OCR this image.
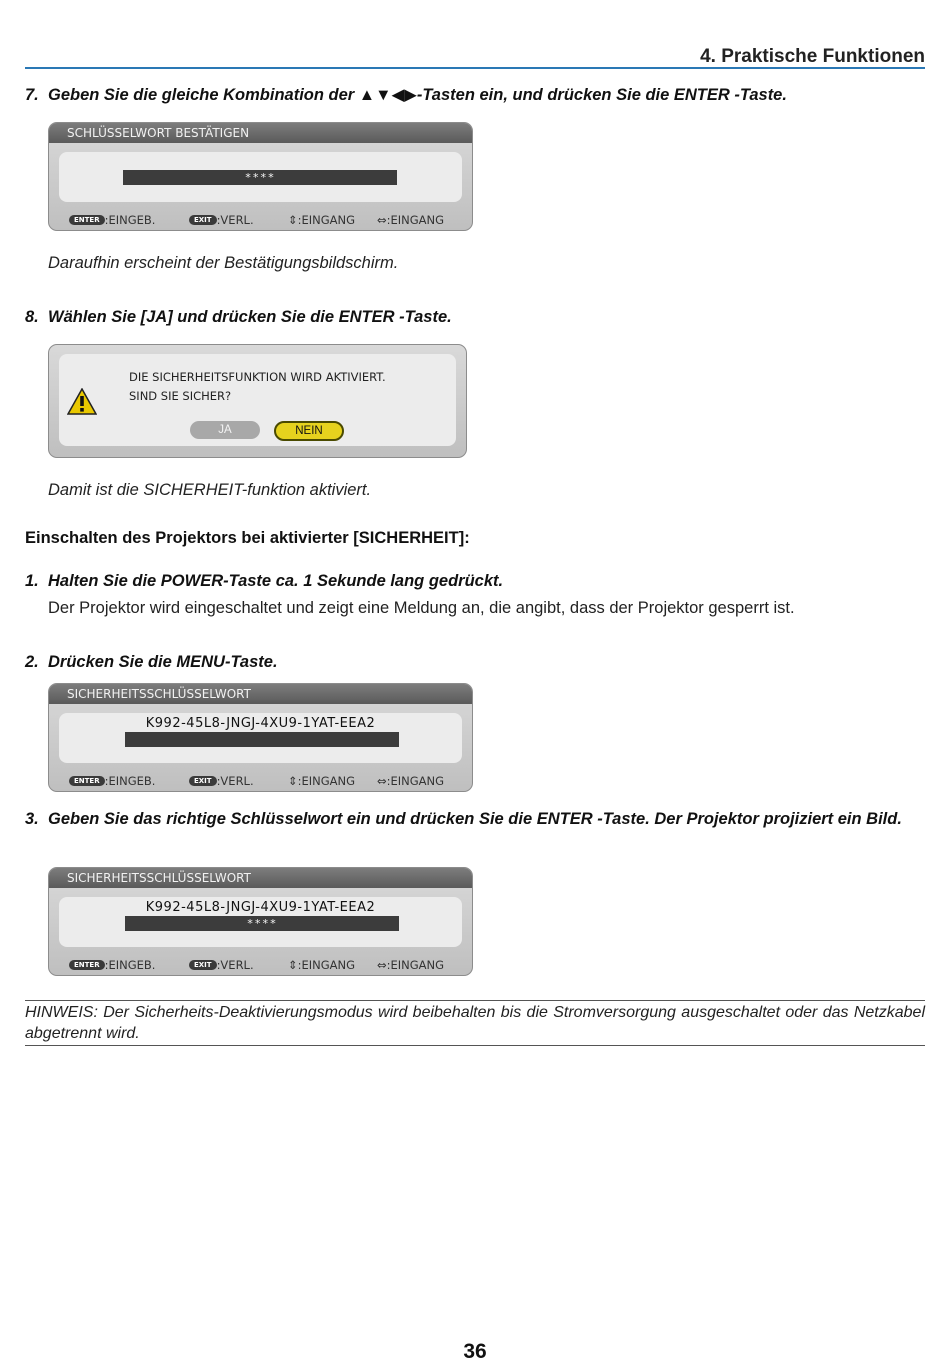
4. Praktische Funktionen
7. Geben Sie die gleiche Kombination der ▲▼◀▶-Tasten ein, und drücken Sie die ENTER -Taste.
SCHLÜSSELWORT BESTÄTIGEN
****
ENTER :EINGEB.	EXIT :VERL.	⇕:EINGANG ⇔:EINGANG
Daraufhin erscheint der Bestätigungsbildschirm.
8. Wählen Sie [JA] und drücken Sie die ENTER -Taste.
DIE SICHERHEITSFUNKTION WIRD AKTIVIERT.
SIND SIE SICHER?
JA	NEIN
Damit ist die SICHERHEIT-funktion aktiviert.
Einschalten des Projektors bei aktivierter [SICHERHEIT]:
1. Halten Sie die POWER-Taste ca. 1 Sekunde lang gedrückt.
Der Projektor wird eingeschaltet und zeigt eine Meldung an, die angibt, dass der Projektor gesperrt ist.
2. Drücken Sie die MENU-Taste.
SICHERHEITSSCHLÜSSELWORT
K992-45L8-JNGJ-4XU9-1YAT-EEA2
ENTER :EINGEB.	EXIT :VERL.	⇕:EINGANG ⇔:EINGANG
3. Geben Sie das richtige Schlüsselwort ein und drücken Sie die ENTER -Taste. Der Projektor projiziert ein Bild.
SICHERHEITSSCHLÜSSELWORT
K992-45L8-JNGJ-4XU9-1YAT-EEA2
****
ENTER :EINGEB.	EXIT :VERL.	⇕:EINGANG ⇔:EINGANG
HINWEIS: Der Sicherheits-Deaktivierungsmodus wird beibehalten bis die Stromversorgung ausgeschaltet oder das Netzkabel abgetrennt wird.
36
